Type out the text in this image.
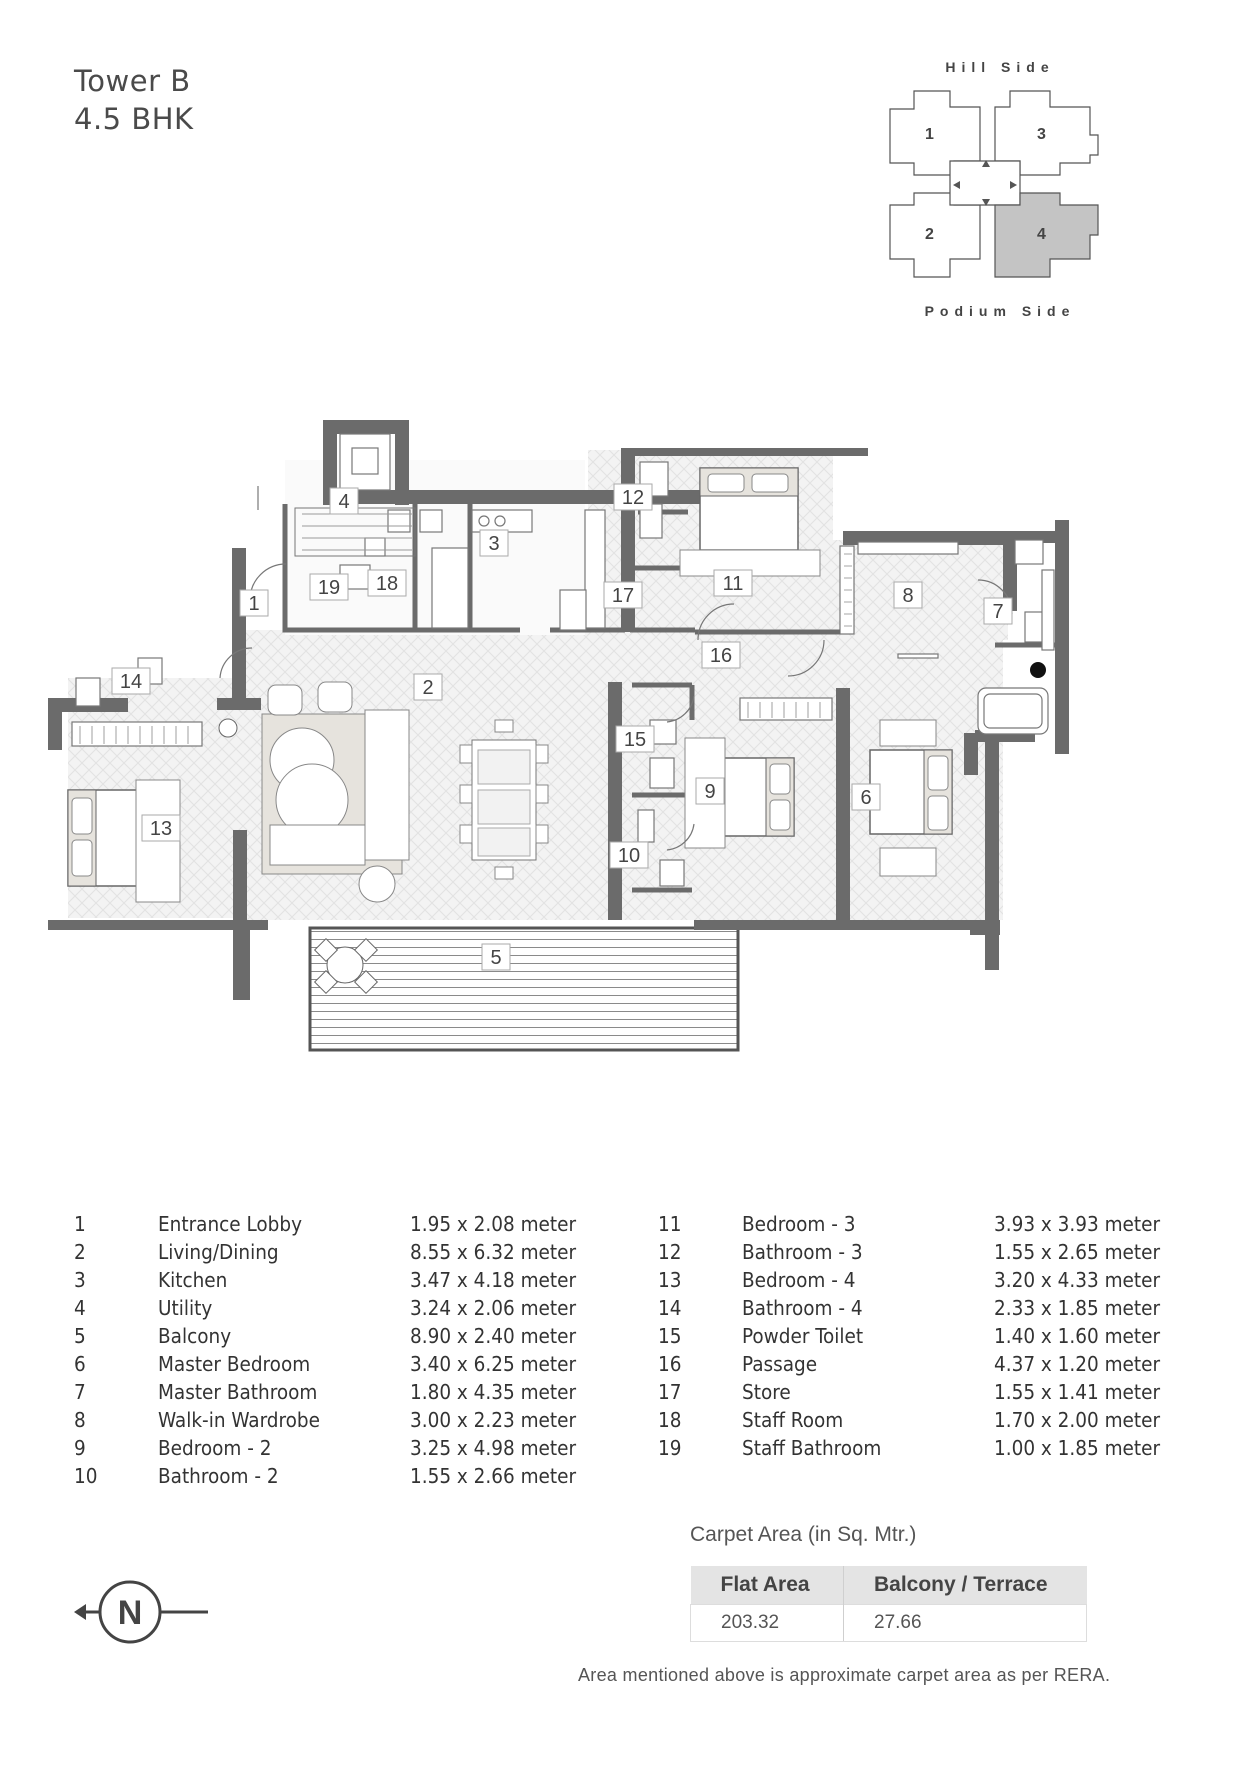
Tower B
4.5 BHK
Hill Side
1
2
3
4
Podium Side
1
2
3
4
5
6
7
8
9
10
11
12
13
14
15
16
17
18
19
1	Entrance Lobby	1.95 x 2.08 meter
2	Living/Dining	8.55 x 6.32 meter
3	Kitchen	3.47 x 4.18 meter
4	Utility	3.24 x 2.06 meter
5	Balcony	8.90 x 2.40 meter
6	Master Bedroom	3.40 x 6.25 meter
7	Master Bathroom	1.80 x 4.35 meter
8	Walk-in Wardrobe	3.00 x 2.23 meter
9	Bedroom - 2	3.25 x 4.98 meter
10	Bathroom - 2	1.55 x 2.66 meter
11	Bedroom - 3	3.93 x 3.93 meter
12	Bathroom - 3	1.55 x 2.65 meter
13	Bedroom - 4	3.20 x 4.33 meter
14	Bathroom - 4	2.33 x 1.85 meter
15	Powder Toilet	1.40 x 1.60 meter
16	Passage	4.37 x 1.20 meter
17	Store	1.55 x 1.41 meter
18	Staff Room	1.70 x 2.00 meter
19	Staff Bathroom	1.00 x 1.85 meter
Carpet Area (in Sq. Mtr.)
Flat Area	Balcony / Terrace
203.32	27.66
Area mentioned above is approximate carpet area as per RERA.
N
